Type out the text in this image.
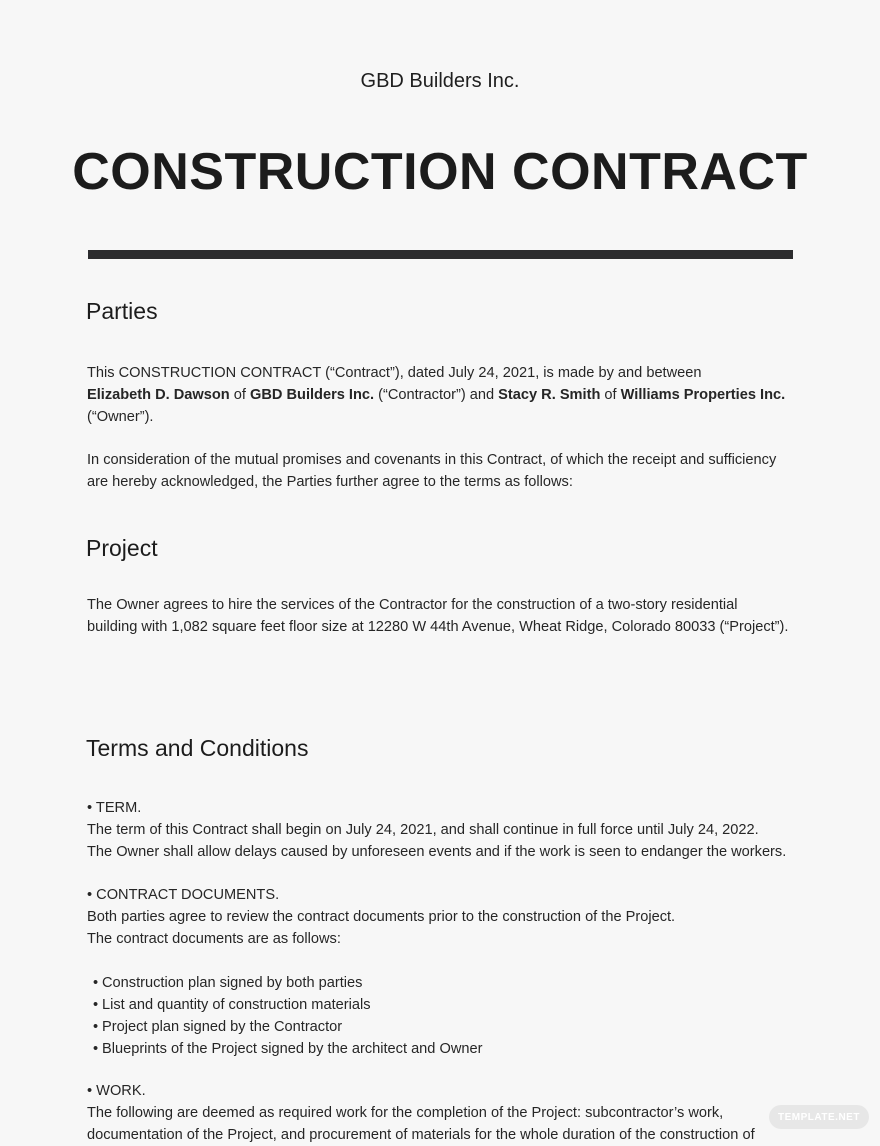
GBD Builders Inc.
CONSTRUCTION CONTRACT
Parties
This CONSTRUCTION CONTRACT (“Contract”), dated July 24, 2021, is made by and between
Elizabeth D. Dawson of GBD Builders Inc. (“Contractor”) and Stacy R. Smith of Williams Properties Inc.
(“Owner”).
In consideration of the mutual promises and covenants in this Contract, of which the receipt and sufficiency
are hereby acknowledged, the Parties further agree to the terms as follows:
Project
The Owner agrees to hire the services of the Contractor for the construction of a two-story residential
building with 1,082 square feet floor size at 12280 W 44th Avenue, Wheat Ridge, Colorado 80033 (“Project”).
Terms and Conditions
• TERM.
The term of this Contract shall begin on July 24, 2021, and shall continue in full force until July 24, 2022.
The Owner shall allow delays caused by unforeseen events and if the work is seen to endanger the workers.
• CONTRACT DOCUMENTS.
Both parties agree to review the contract documents prior to the construction of the Project.
The contract documents are as follows:
• Construction plan signed by both parties
• List and quantity of construction materials
• Project plan signed by the Contractor
• Blueprints of the Project signed by the architect and Owner
• WORK.
The following are deemed as required work for the completion of the Project: subcontractor’s work,
documentation of the Project, and procurement of materials for the whole duration of the construction of
TEMPLATE.NET
